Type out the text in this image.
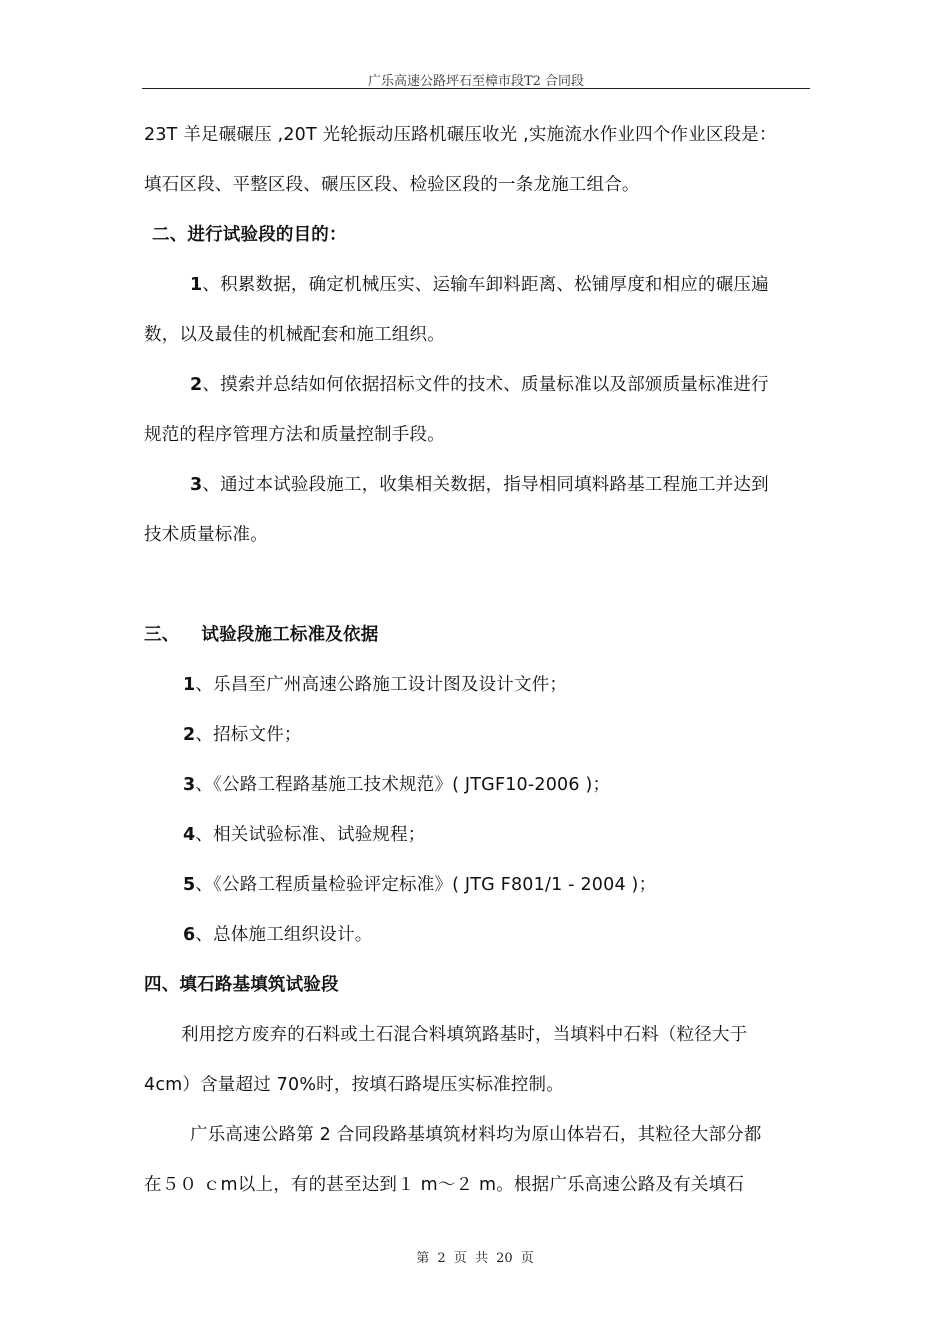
广乐高速公路坪石至樟市段T2 合同段
23T 羊足碾碾压 ,20T 光轮振动压路机碾压收光 ,实施流水作业四个作业区段是：
填石区段、平整区段、碾压区段、检验区段的一条龙施工组合。
二、进行试验段的目的：
1、积累数据，确定机械压实、运输车卸料距离、松铺厚度和相应的碾压遍
数，以及最佳的机械配套和施工组织。
2、摸索并总结如何依据招标文件的技术、质量标准以及部颁质量标准进行
规范的程序管理方法和质量控制手段。
3、通过本试验段施工，收集相关数据，指导相同填料路基工程施工并达到
技术质量标准。
三、 试验段施工标准及依据
1、乐昌至广州高速公路施工设计图及设计文件；
2、招标文件；
3、《公路工程路基施工技术规范》( JTGF10-2006 )；
4、相关试验标准、试验规程；
5、《公路工程质量检验评定标准》( JTG F801/1 - 2004 )；
6、总体施工组织设计。
四、填石路基填筑试验段
利用挖方废弃的石料或土石混合料填筑路基时，当填料中石料（粒径大于
4cm）含量超过 70%时，按填石路堤压实标准控制。
广乐高速公路第 2 合同段路基填筑材料均为原山体岩石，其粒径大部分都
在５０ ｃm以上，有的甚至达到１ m～２ m。根据广乐高速公路及有关填石
第 2 页 共 20 页
